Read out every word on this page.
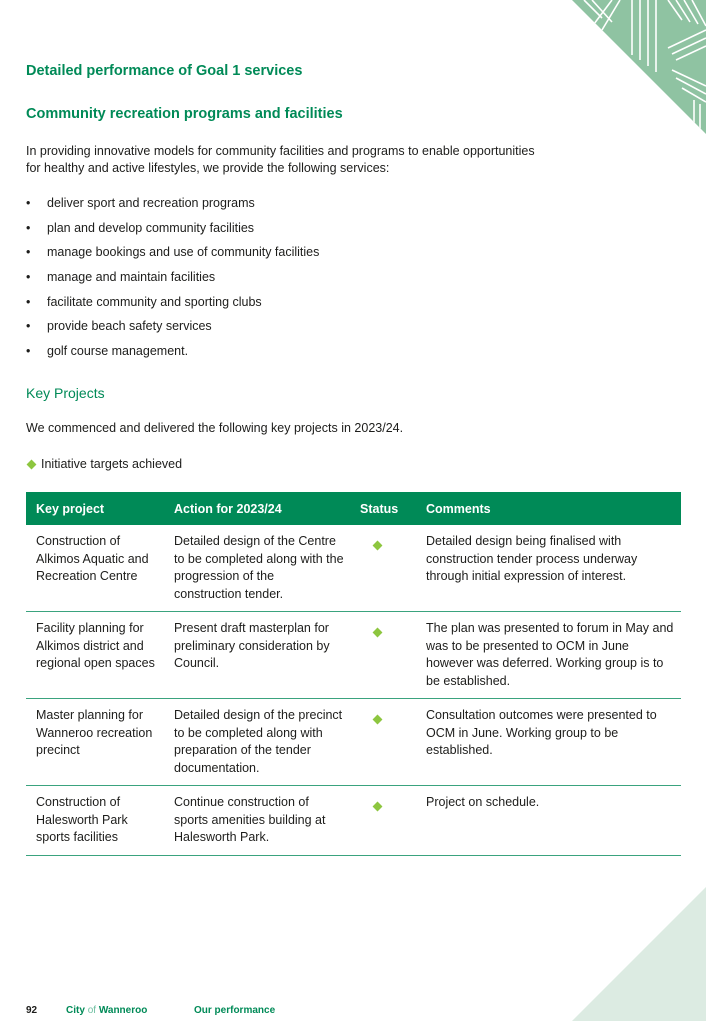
Detailed performance of Goal 1 services
Community recreation programs and facilities

In providing innovative models for community facilities and programs to enable opportunities for healthy and active lifestyles, we provide the following services:

• deliver sport and recreation programs
• plan and develop community facilities
• manage bookings and use of community facilities
• manage and maintain facilities
• facilitate community and sporting clubs
• provide beach safety services
• golf course management.
Key Projects

We commenced and delivered the following key projects in 2023/24.

Initiative targets achieved

Key project	Action for 2023/24	Status	Comments
Construction of Alkimos Aquatic and Recreation Centre	Detailed design of the Centre to be completed along with the progression of the construction tender.		Detailed design being finalised with construction tender process underway through initial expression of interest.
Facility planning for Alkimos district and regional open spaces	Present draft masterplan for preliminary consideration by Council.		The plan was presented to forum in May and was to be presented to OCM in June however was deferred. Working group is to be established.
Master planning for Wanneroo recreation precinct	Detailed design of the precinct to be completed along with preparation of the tender documentation.		Consultation outcomes were presented to OCM in June. Working group to be established.
Construction of Halesworth Park sports facilities	Continue construction of sports amenities building at Halesworth Park.		Project on schedule.
92	City of Wanneroo	Our performance
